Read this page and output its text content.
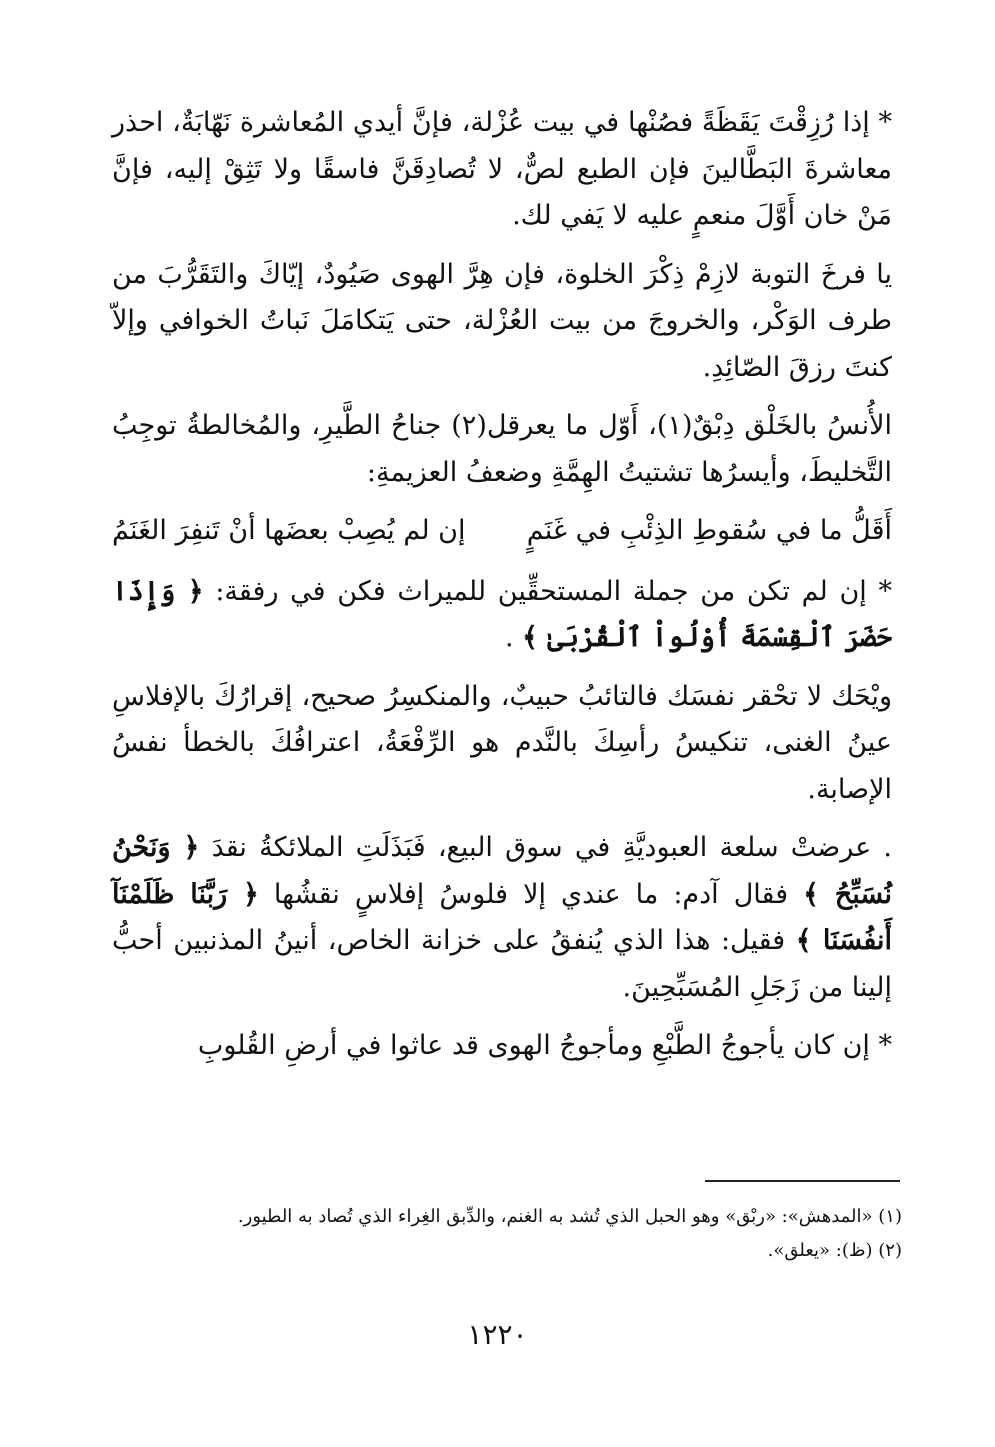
* إذا رُزِقْتَ يَقَظَةً فصُنْها في بيت عُزْلة، فإنَّ أيدي المُعاشرة نَهّابَةٌ، احذر معاشرةَ البَطَّالينَ فإن الطبع لصٌّ، لا تُصادِقَنَّ فاسقًا ولا تَثِقْ إليه، فإنَّ مَنْ خان أَوَّلَ منعمٍ عليه لا يَفي لك.

يا فرخَ التوبة لازِمْ ذِكْرَ الخلوة، فإن هِرَّ الهوى صَيُودٌ، إيّاكَ والتَقَرُّبَ من طرف الوَكْر، والخروجَ من بيت العُزْلة، حتى يَتكامَلَ نَباتُ الخوافي وإلاّ كنتَ رزقَ الصّائِدِ.

الأُنسُ بالخَلْق دِبْقٌ(١)، أَوّل ما يعرقل(٢) جناحُ الطَّيرِ، والمُخالطةُ توجِبُ التَّخليطَ، وأيسرُها تشتيتُ الهِمَّةِ وضعفُ العزيمةِ:

أَقَلُّ ما في سُقوطِ الذِئْبِ في غَنَمٍ
إن لم يُصِبْ بعضَها أنْ تَنفِرَ الغَنَمُ

* إن لم تكن من جملة المستحقِّين للميراث فكن في رفقة: ﴿ وَإِذَا حَضَرَ ٱلْقِسْمَةَ أُوْلُواْ ٱلْقُرْبَىٰ ﴾ .

ويْحَك لا تحْقر نفسَك فالتائبُ حبيبٌ، والمنكسِرُ صحيح، إقرارُكَ بالإفلاسِ عينُ الغنى، تنكيسُ رأسِكَ بالنَّدم هو الرِّفْعَةُ، اعترافُكَ بالخطأ نفسُ الإصابة.

. عرضتْ سلعة العبوديَّةِ في سوق البيع، فَبَذَلَتِ الملائكةُ نقدَ ﴿ وَنَحْنُ نُسَبِّحُ ﴾ فقال آدم: ما عندي إلا فلوسُ إفلاسٍ نقشُها ﴿ رَبَّنَا ظَلَمْنَآ أَنفُسَنَا ﴾ فقيل: هذا الذي يُنفقُ على خزانة الخاص، أنينُ المذنبين أحبُّ إلينا من زَجَلِ المُسَبِّحِينَ.

* إن كان يأجوجُ الطَّبْعِ ومأجوجُ الهوى قد عاثوا في أرضِ القُلوبِ

(١) «المدهش»: «ربْق» وهو الحبل الذي تُشد به الغنم، والدِّبق الغِراء الذي تُصاد به الطيور.

(٢) (ظ): «يعلق».

١٢٢٠
